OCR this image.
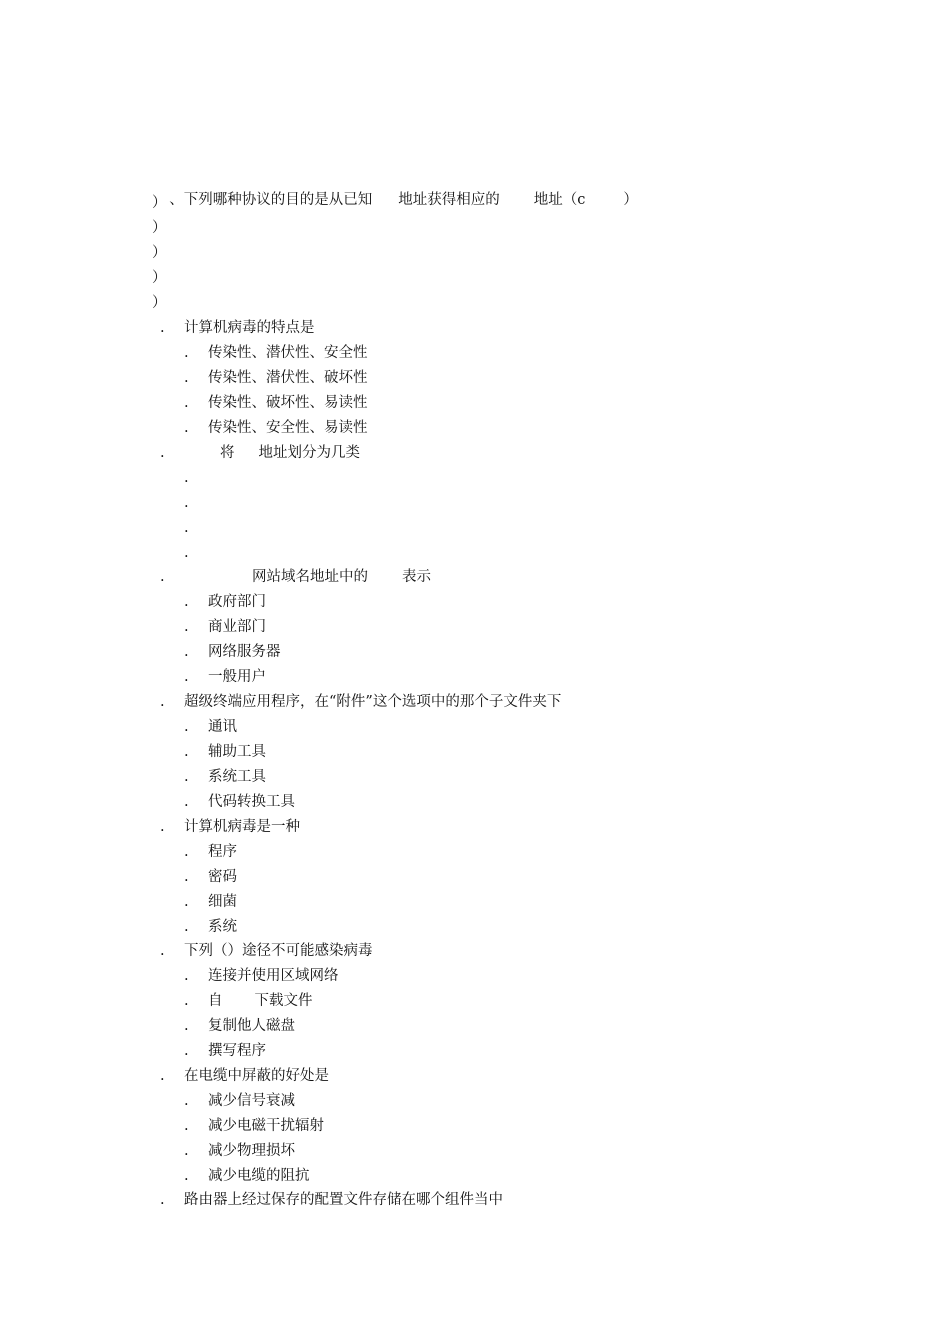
、下列哪种协议的目的是从已知 地址获得相应的 地址（c	）

）
）
）
）
）
. 计算机病毒的特点是
. 传染性、潜伏性、安全性
. 传染性、潜伏性、破坏性
. 传染性、破坏性、易读性
. 传染性、安全性、易读性
.	将 地址划分为几类
.
.
.
.
.	网站域名地址中的 表示
. 政府部门
. 商业部门
. 网络服务器
. 一般用户
. 超级终端应用程序，在“附件”这个选项中的那个子文件夹下
. 通讯
. 辅助工具
. 系统工具
. 代码转换工具
. 计算机病毒是一种
. 程序
. 密码
. 细菌
. 系统
. 下列（）途径不可能感染病毒
. 连接并使用区域网络
. 自 下载文件
. 复制他人磁盘
. 撰写程序
. 在电缆中屏蔽的好处是
. 减少信号衰减
. 减少电磁干扰辐射
. 减少物理损坏
. 减少电缆的阻抗
. 路由器上经过保存的配置文件存储在哪个组件当中
